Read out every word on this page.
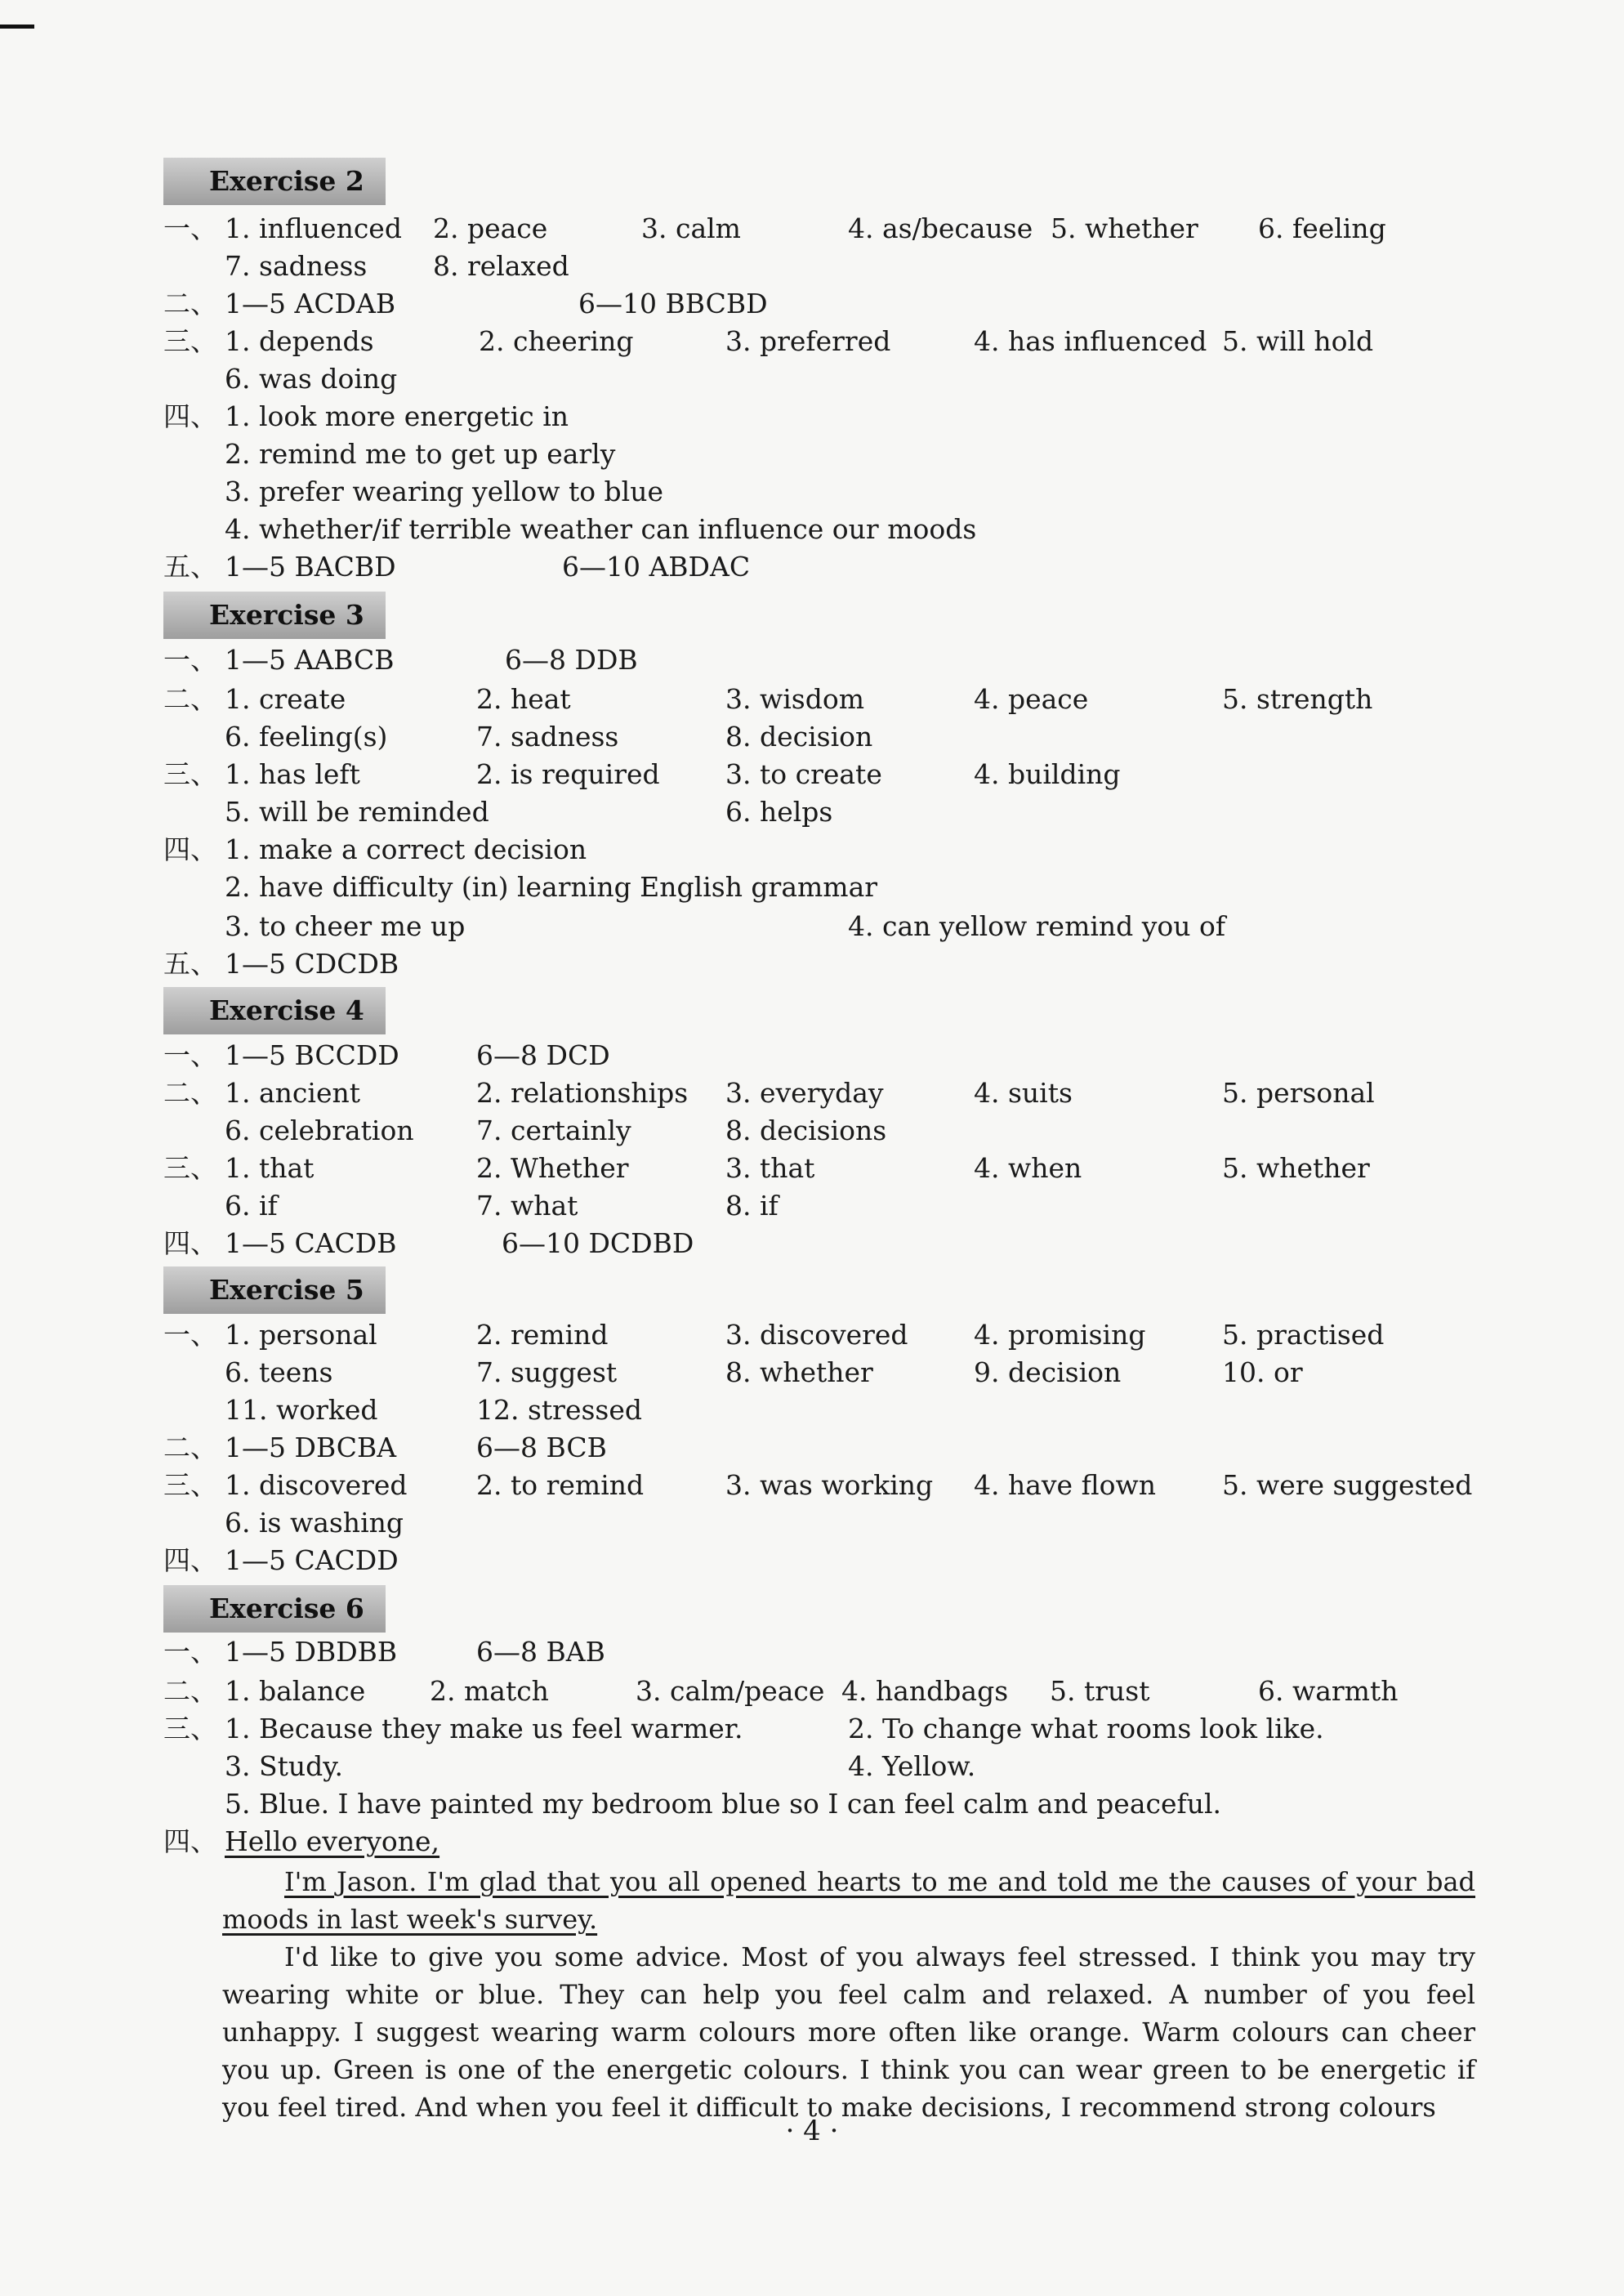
Exercise 2
一、 1. influenced 2. peace	3. calm	4. as/because 5. whether 6. feeling
7. sadness 8. relaxed
二、 1—5 ACDAB	6—10 BBCBD
三、 1. depends	2. cheering	3. preferred	4. has influenced 5. will hold
6. was doing
四、 1. look more energetic in
2. remind me to get up early
3. prefer wearing yellow to blue
4. whether/if terrible weather can influence our moods
五、 1—5 BACBD	6—10 ABDAC
Exercise 3
一、 1—5 AABCB	6—8 DDB
二、 1. create	2. heat	3. wisdom	4. peace	5. strength
6. feeling(s)	7. sadness	8. decision
三、 1. has left	2. is required 3. to create	4. building
5. will be reminded	6. helps
四、 1. make a correct decision
2. have difficulty (in) learning English grammar
3. to cheer me up	4. can yellow remind you of
五、 1—5 CDCDB
Exercise 4
一、 1—5 BCCDD	6—8 DCD
二、 1. ancient	2. relationships 3. everyday	4. suits	5. personal
6. celebration 7. certainly	8. decisions
三、 1. that	2. Whether	3. that	4. when	5. whether
6. if	7. what	8. if
四、 1—5 CACDB	6—10 DCDBD
Exercise 5
一、 1. personal	2. remind	3. discovered 4. promising	5. practised
6. teens	7. suggest	8. whether	9. decision	10. or
11. worked	12. stressed
二、 1—5 DBCBA	6—8 BCB
三、 1. discovered	2. to remind	3. was working 4. have flown 5. were suggested
6. is washing
四、 1—5 CACDD
Exercise 6
一、 1—5 DBDBB	6—8 BAB
二、 1. balance 2. match	3. calm/peace 4. handbags 5. trust	6. warmth
三、 1. Because they make us feel warmer.	2. To change what rooms look like.
3. Study.	4. Yellow.
5. Blue. I have painted my bedroom blue so I can feel calm and peaceful.
四、 Hello everyone,

I'm Jason. I'm glad that you all opened hearts to me and told me the causes of your bad moods in last week's survey.

I'd like to give you some advice. Most of you always feel stressed. I think you may try wearing white or blue. They can help you feel calm and relaxed. A number of you feel unhappy. I suggest wearing warm colours more often like orange. Warm colours can cheer you up. Green is one of the energetic colours. I think you can wear green to be energetic if you feel tired. And when you feel it difficult to make decisions, I recommend strong colours

· 4 ·
